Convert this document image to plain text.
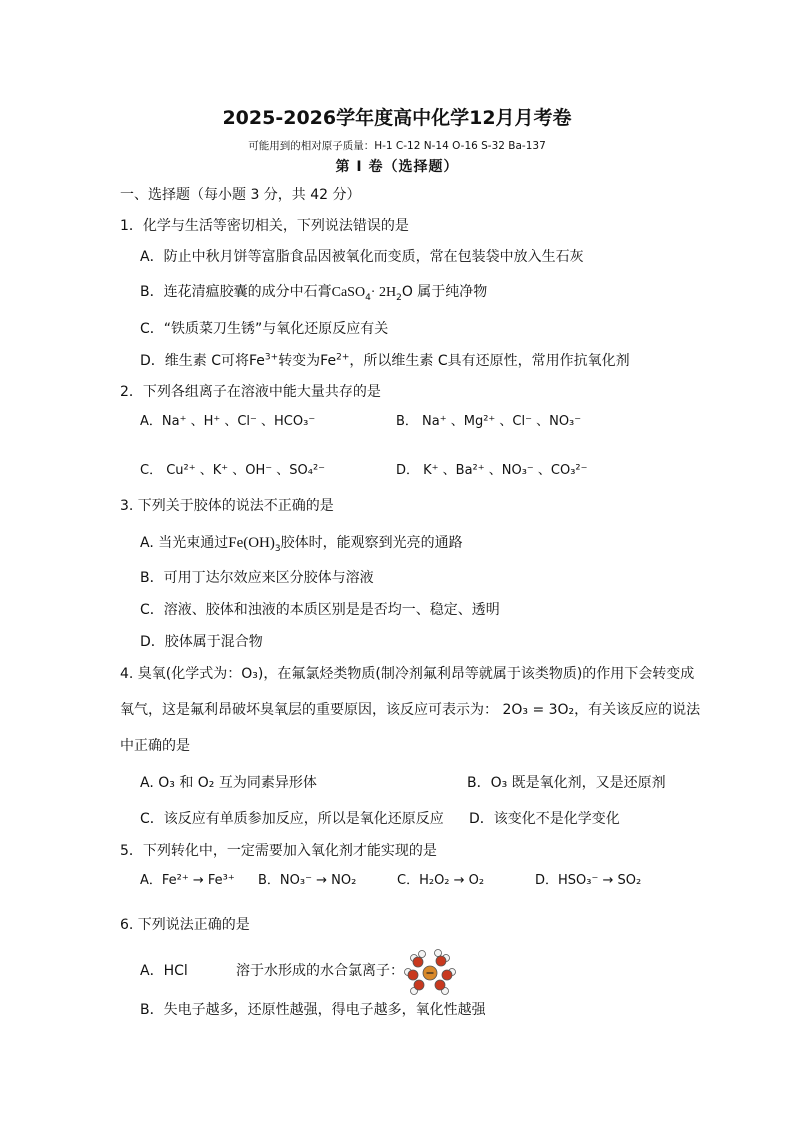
2025-2026学年度高中化学12月月考卷
可能用到的相对原子质量：H-1 C-12 N-14 O-16 S-32 Ba-137
第 Ⅰ 卷（选择题）
一、选择题（每小题 3 分，共 42 分）
1．化学与生活等密切相关，下列说法错误的是
A．防止中秋月饼等富脂食品因被氧化而变质，常在包装袋中放入生石灰
B．连花清瘟胶囊的成分中石膏CaSO$_4$· $2H_2O$ 属于纯净物
C．“铁质菜刀生锈”与氧化还原反应有关
D．维生素 C可将$Fe^{3+}$转变为$Fe^{2+}$，所以维生素 C具有还原性，常用作抗氧化剂
2．下列各组离子在溶液中能大量共存的是
A．Na⁺ 、H⁺ 、Cl⁻ 、HCO₃⁻	B． Na⁺ 、Mg²⁺ 、Cl⁻ 、NO₃⁻
C． Cu²⁺ 、K⁺ 、OH⁻ 、SO₄²⁻	D． K⁺ 、Ba²⁺ 、NO₃⁻ 、CO₃²⁻
3. 下列关于胶体的说法不正确的是
A. 当光束通过$Fe(OH)_3$胶体时，能观察到光亮的通路
B．可用丁达尔效应来区分胶体与溶液
C．溶液、胶体和浊液的本质区别是是否均一、稳定、透明
D．胶体属于混合物
4. 臭氧(化学式为：O₃)，在氟氯烃类物质(制冷剂氟利昂等就属于该类物质)的作用下会转变成
氧气，这是氟利昂破坏臭氧层的重要原因，该反应可表示为： 2O₃ = 3O₂，有关该反应的说法
中正确的是
A. O₃ 和 O₂ 互为同素异形体	B．O₃ 既是氧化剂，又是还原剂
C．该反应有单质参加反应，所以是氧化还原反应 D．该变化不是化学变化
5．下列转化中，一定需要加入氧化剂才能实现的是
A．Fe²⁺ → Fe³⁺ B．NO₃⁻ → NO₂	C．H₂O₂ → O₂	D．HSO₃⁻ → SO₂
6. 下列说法正确的是
A．HCl	溶于水形成的水合氯离子：
B．失电子越多，还原性越强，得电子越多，氧化性越强
